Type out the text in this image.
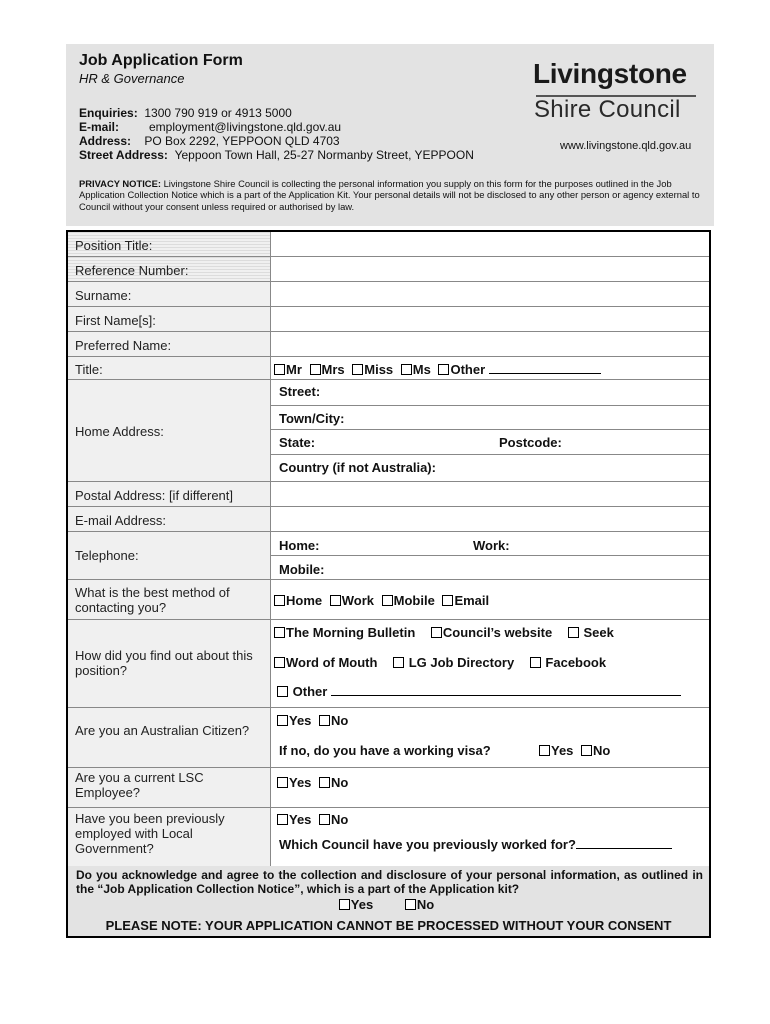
Job Application Form
HR & Governance
Enquiries: 1300 790 919 or 4913 5000
E-mail: employment@livingstone.qld.gov.au
Address: PO Box 2292, YEPPOON QLD 4703
Street Address: Yeppoon Town Hall, 25-27 Normanby Street, YEPPOON
Livingstone
Shire Council
www.livingstone.qld.gov.au
PRIVACY NOTICE: Livingstone Shire Council is collecting the personal information you supply on this form for the purposes outlined in the Job Application Collection Notice which is a part of the Application Kit. Your personal details will not be disclosed to any other person or agency external to Council without your consent unless required or authorised by law.
Position Title:
Reference Number:
Surname:
First Name[s]:
Preferred Name:
Title:	Mr Mrs Miss Ms Other
Home Address:
Street:
Town/City:
State:	Postcode:
Country (if not Australia):
Postal Address: [if different]
E-mail Address:
Telephone:
Home:	Work:
Mobile:
What is the best method of contacting you?	Home Work Mobile Email
How did you find out about this position?
The Morning Bulletin Council’s website Seek
Word of Mouth LG Job Directory Facebook
Other
Are you an Australian Citizen?
Yes No
If no, do you have a working visa?	Yes No
Are you a current LSC Employee?
Yes No
Have you been previously employed with Local Government?
Yes No
Which Council have you previously worked for?
Do you acknowledge and agree to the collection and disclosure of your personal information, as outlined in the “Job Application Collection Notice”, which is a part of the Application kit?
Yes	No
PLEASE NOTE: YOUR APPLICATION CANNOT BE PROCESSED WITHOUT YOUR CONSENT
